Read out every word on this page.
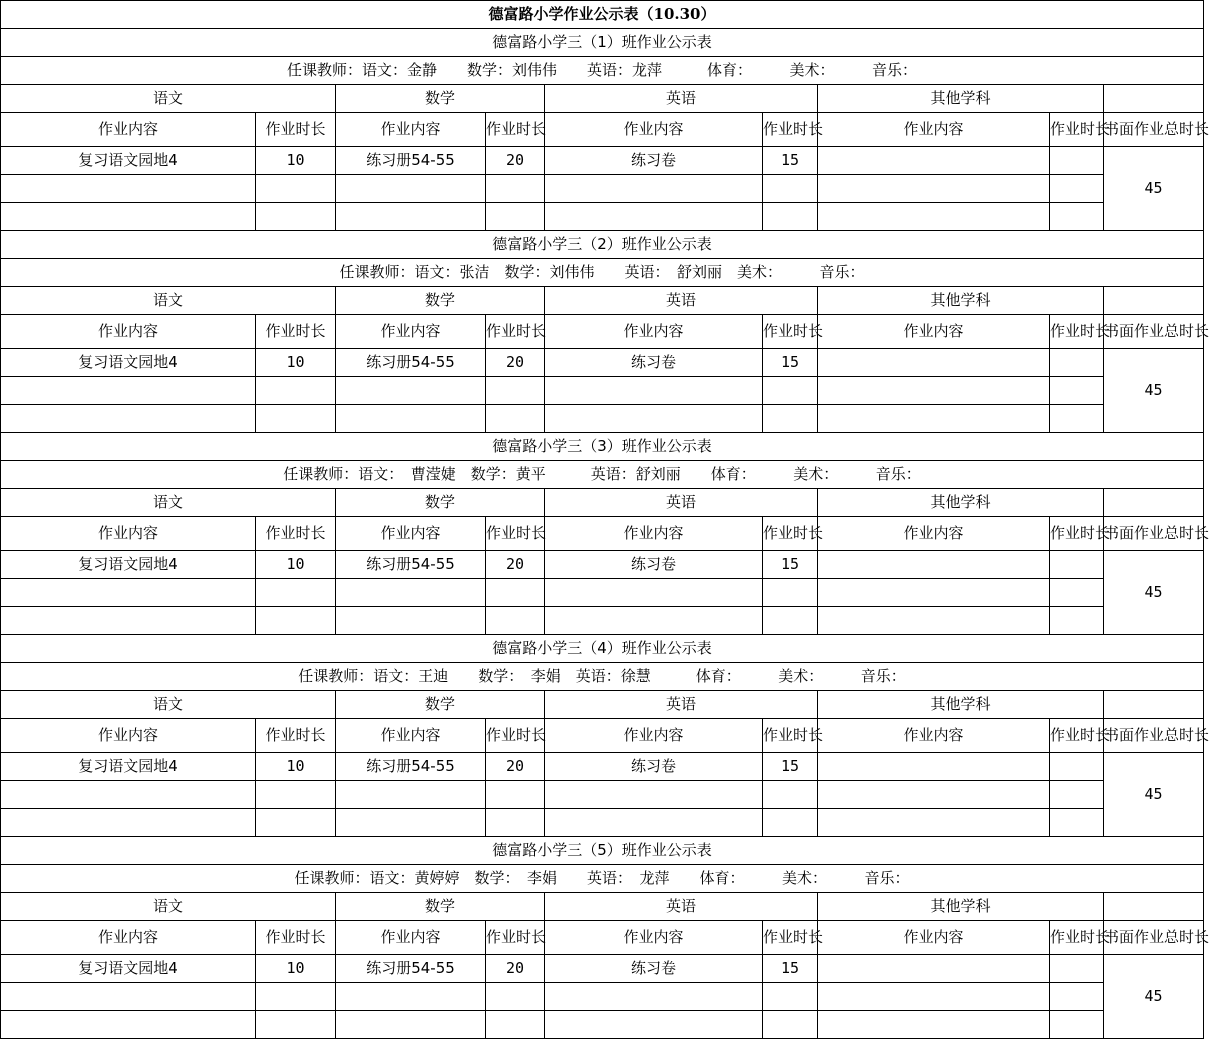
德富路小学作业公示表（10.30）								
德富路小学三（1）班作业公示表								
任课教师：语文：金静　　数学：刘伟伟　　英语：龙萍　　　体育：　　　美术：　　　音乐：								
语文		数学		英语		其他学科		
作业内容	作业时长	作业内容	作业时长	作业内容	作业时长	作业内容	作业时长	书面作业总时长
复习语文园地4	10	练习册54-55	20	练习卷	15			45

德富路小学三（2）班作业公示表								
任课教师：语文：张洁　数学：刘伟伟　　英语：　舒刘丽　美术：　　　音乐：								
语文		数学		英语		其他学科		
作业内容	作业时长	作业内容	作业时长	作业内容	作业时长	作业内容	作业时长	书面作业总时长
复习语文园地4	10	练习册54-55	20	练习卷	15			45

德富路小学三（3）班作业公示表								
任课教师：语文：　曹滢婕　数学：黄平　　　英语：舒刘丽　　体育：　　　美术：　　　音乐：								
语文		数学		英语		其他学科		
作业内容	作业时长	作业内容	作业时长	作业内容	作业时长	作业内容	作业时长	书面作业总时长
复习语文园地4	10	练习册54-55	20	练习卷	15			45

德富路小学三（4）班作业公示表								
任课教师：语文：王迪　　数学：　李娟　英语：徐慧　　　体育：　　　美术：　　　音乐：								
语文		数学		英语		其他学科		
作业内容	作业时长	作业内容	作业时长	作业内容	作业时长	作业内容	作业时长	书面作业总时长
复习语文园地4	10	练习册54-55	20	练习卷	15			45

德富路小学三（5）班作业公示表								
任课教师：语文：黄婷婷　数学：　李娟　　英语：　龙萍　　体育：　　　美术：　　　音乐：								
语文		数学		英语		其他学科		
作业内容	作业时长	作业内容	作业时长	作业内容	作业时长	作业内容	作业时长	书面作业总时长
复习语文园地4	10	练习册54-55	20	练习卷	15			45
